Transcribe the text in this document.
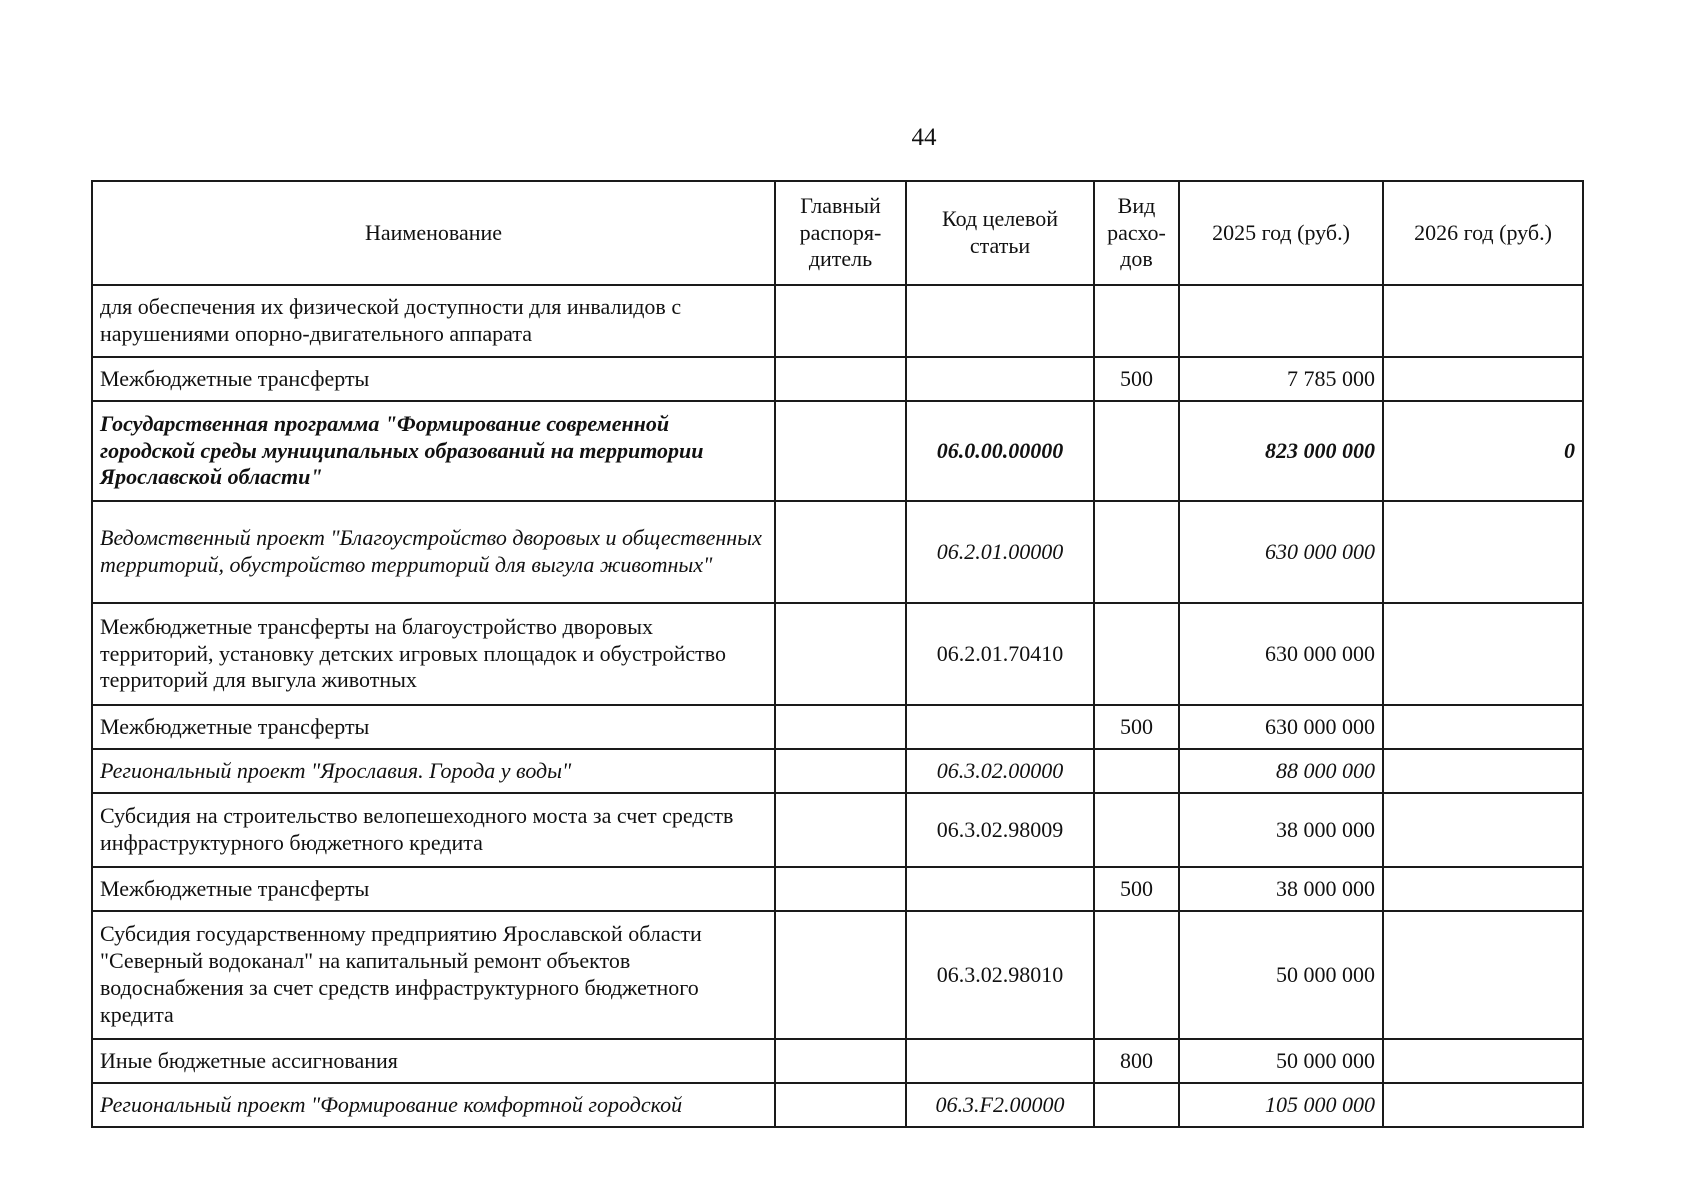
44
Наименование	Главный распоря-дитель	Код целевой статьи	Вид расхо-дов	2025 год (руб.)	2026 год (руб.)
для обеспечения их физической доступности для инвалидов с нарушениями опорно-двигательного аппарата					
Межбюджетные трансферты			500	7 785 000	
Государственная программа "Формирование современной городской среды муниципальных образований на территории Ярославской области"		06.0.00.00000		823 000 000	0
Ведомственный проект "Благоустройство дворовых и общественных территорий, обустройство территорий для выгула животных"		06.2.01.00000		630 000 000	
Межбюджетные трансферты на благоустройство дворовых территорий, установку детских игровых площадок и обустройство территорий для выгула животных		06.2.01.70410		630 000 000	
Межбюджетные трансферты			500	630 000 000	
Региональный проект "Ярославия. Города у воды"		06.3.02.00000		88 000 000	
Субсидия на строительство велопешеходного моста за счет средств инфраструктурного бюджетного кредита		06.3.02.98009		38 000 000	
Межбюджетные трансферты			500	38 000 000	
Субсидия государственному предприятию Ярославской области "Северный водоканал" на капитальный ремонт объектов водоснабжения за счет средств инфраструктурного бюджетного кредита		06.3.02.98010		50 000 000	
Иные бюджетные ассигнования			800	50 000 000	
Региональный проект "Формирование комфортной городской		06.3.F2.00000		105 000 000	
